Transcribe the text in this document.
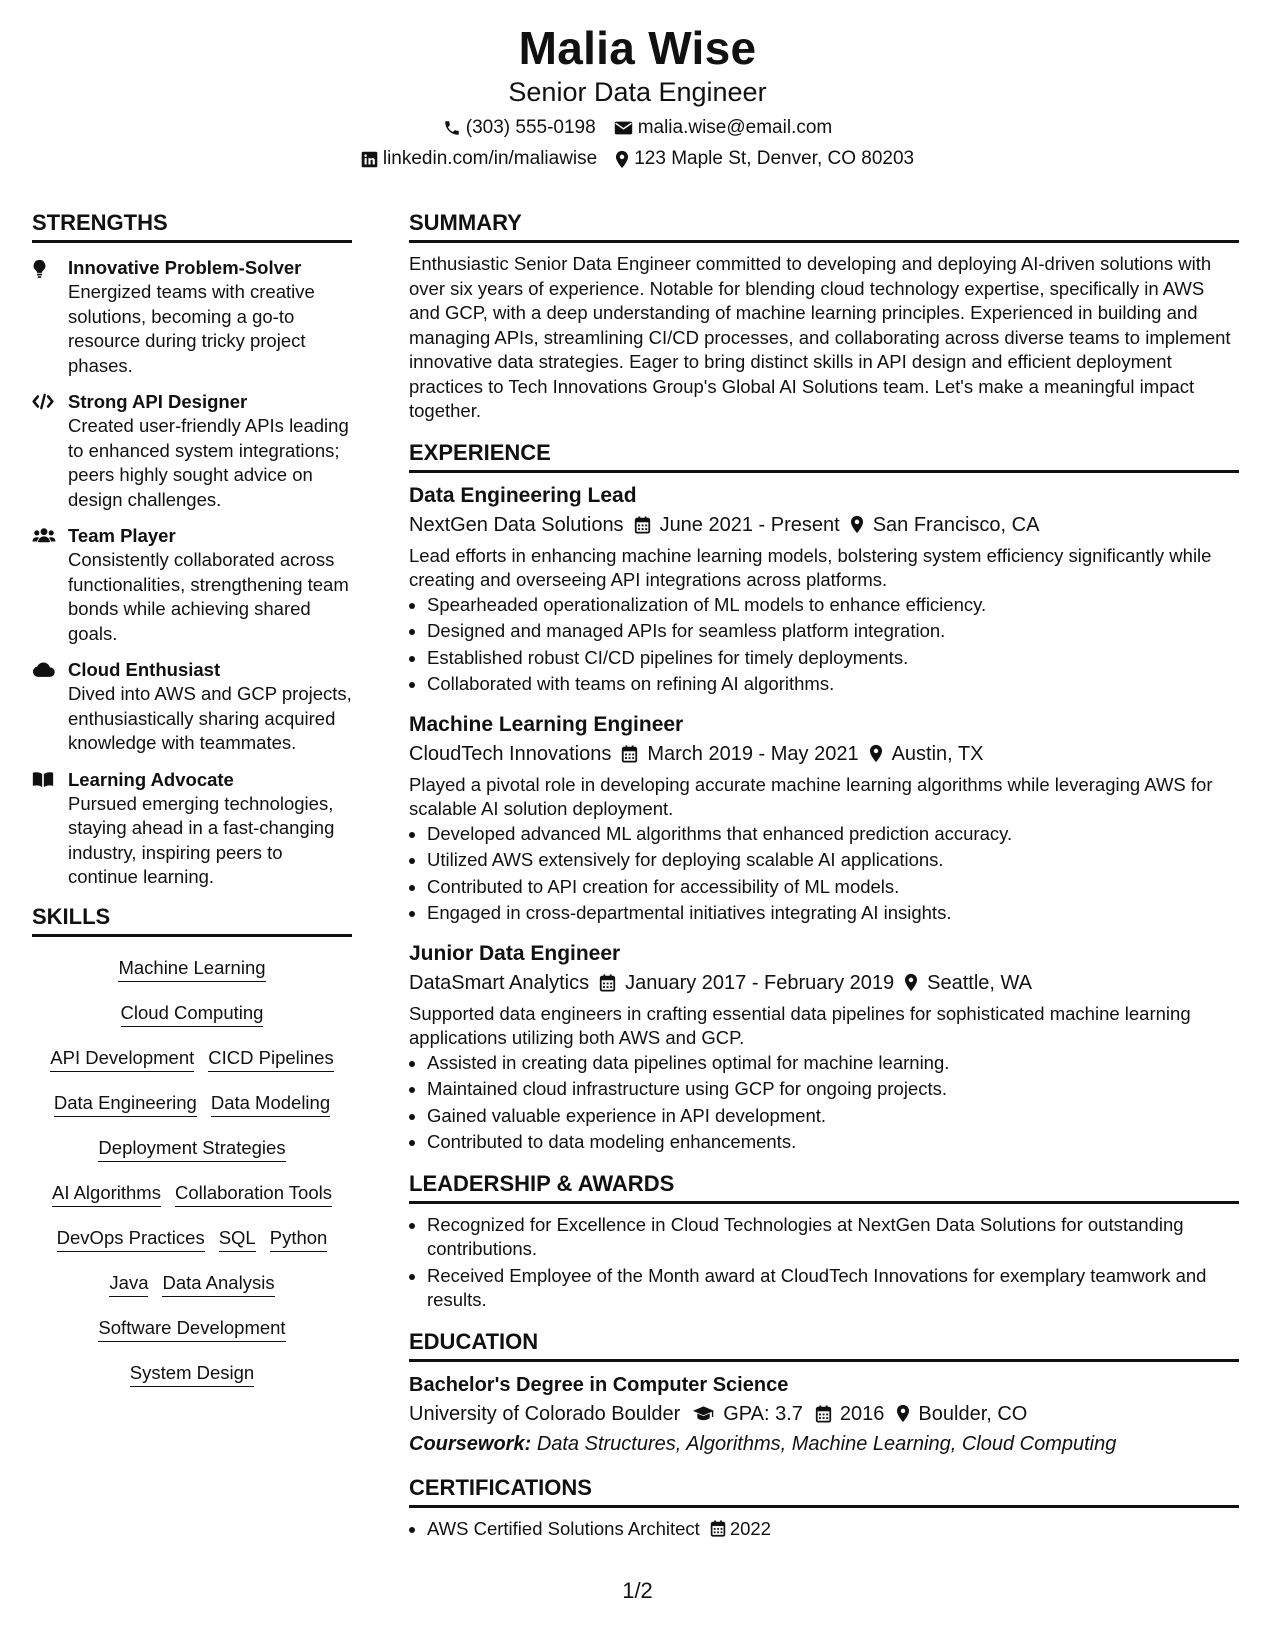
Malia Wise
Senior Data Engineer
(303) 555-0198 malia.wise@email.com
linkedin.com/in/maliawise 123 Maple St, Denver, CO 80203
STRENGTHS
Innovative Problem-Solver
Energized teams with creative solutions, becoming a go-to resource during tricky project phases.
Strong API Designer
Created user-friendly APIs leading to enhanced system integrations; peers highly sought advice on design challenges.
Team Player
Consistently collaborated across functionalities, strengthening team bonds while achieving shared goals.
Cloud Enthusiast
Dived into AWS and GCP projects, enthusiastically sharing acquired knowledge with teammates.
Learning Advocate
Pursued emerging technologies, staying ahead in a fast-changing industry, inspiring peers to continue learning.
SKILLS
Machine Learning
Cloud Computing
API Development CICD Pipelines
Data Engineering Data Modeling
Deployment Strategies
AI Algorithms Collaboration Tools
DevOps Practices SQL Python
Java Data Analysis
Software Development
System Design
SUMMARY
Enthusiastic Senior Data Engineer committed to developing and deploying AI-driven solutions with over six years of experience. Notable for blending cloud technology expertise, specifically in AWS and GCP, with a deep understanding of machine learning principles. Experienced in building and managing APIs, streamlining CI/CD processes, and collaborating across diverse teams to implement innovative data strategies. Eager to bring distinct skills in API design and efficient deployment practices to Tech Innovations Group's Global AI Solutions team. Let's make a meaningful impact together.
EXPERIENCE
Data Engineering Lead
NextGen Data Solutions June 2021 - Present San Francisco, CA
Lead efforts in enhancing machine learning models, bolstering system efficiency significantly while creating and overseeing API integrations across platforms.
• Spearheaded operationalization of ML models to enhance efficiency.
• Designed and managed APIs for seamless platform integration.
• Established robust CI/CD pipelines for timely deployments.
• Collaborated with teams on refining AI algorithms.
Machine Learning Engineer
CloudTech Innovations March 2019 - May 2021 Austin, TX
Played a pivotal role in developing accurate machine learning algorithms while leveraging AWS for scalable AI solution deployment.
• Developed advanced ML algorithms that enhanced prediction accuracy.
• Utilized AWS extensively for deploying scalable AI applications.
• Contributed to API creation for accessibility of ML models.
• Engaged in cross-departmental initiatives integrating AI insights.
Junior Data Engineer
DataSmart Analytics January 2017 - February 2019 Seattle, WA
Supported data engineers in crafting essential data pipelines for sophisticated machine learning applications utilizing both AWS and GCP.
• Assisted in creating data pipelines optimal for machine learning.
• Maintained cloud infrastructure using GCP for ongoing projects.
• Gained valuable experience in API development.
• Contributed to data modeling enhancements.
LEADERSHIP & AWARDS
• Recognized for Excellence in Cloud Technologies at NextGen Data Solutions for outstanding contributions.
• Received Employee of the Month award at CloudTech Innovations for exemplary teamwork and results.
EDUCATION
Bachelor's Degree in Computer Science
University of Colorado Boulder GPA: 3.7 2016 Boulder, CO
Coursework: Data Structures, Algorithms, Machine Learning, Cloud Computing
CERTIFICATIONS
• AWS Certified Solutions Architect 2022
1/2
